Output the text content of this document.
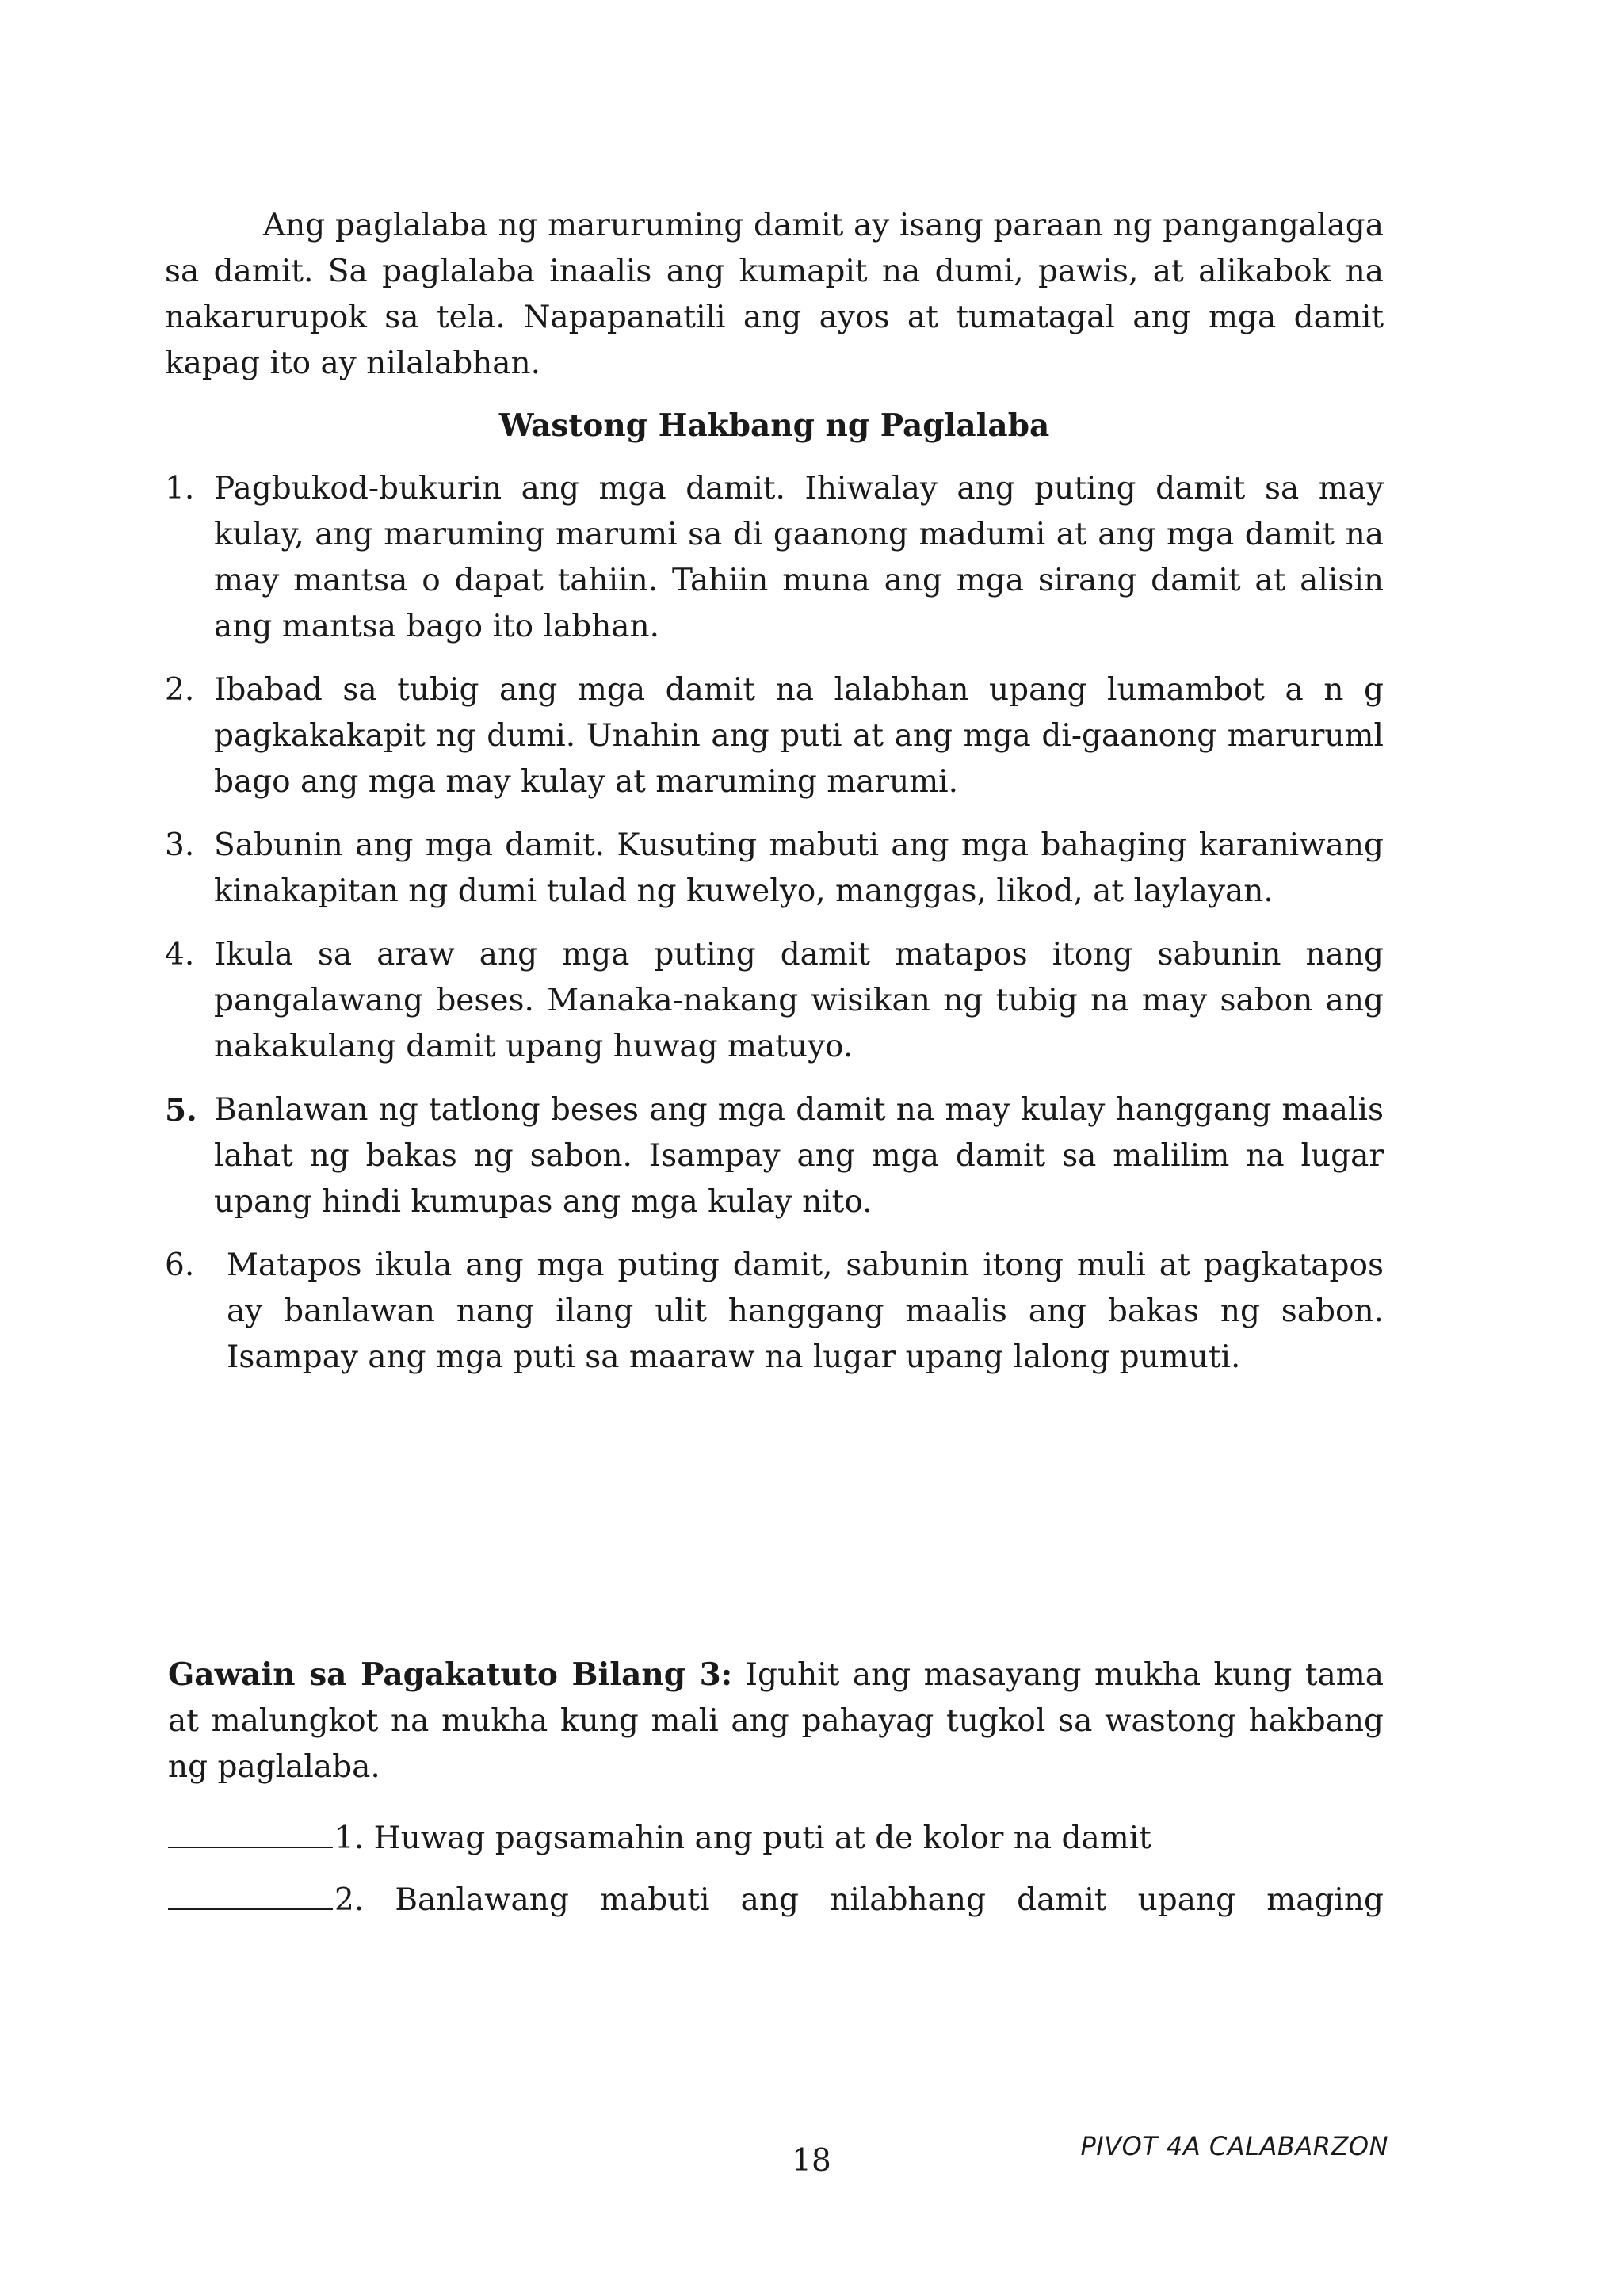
Ang paglalaba ng maruruming damit ay isang paraan ng pangangalaga sa damit. Sa paglalaba inaalis ang kumapit na dumi, pawis, at alikabok na nakarurupok sa tela. Napapanatili ang ayos at tumatagal ang mga damit kapag ito ay nilalabhan.

Wastong Hakbang ng Paglalaba
1. Pagbukod-bukurin ang mga damit. Ihiwalay ang puting damit sa may kulay, ang maruming marumi sa di gaanong madumi at ang mga damit na may mantsa o dapat tahiin. Tahiin muna ang mga sirang damit at alisin ang mantsa bago ito labhan.
2. Ibabad sa tubig ang mga damit na lalabhan upang lumambot a n g pagkakakapit ng dumi. Unahin ang puti at ang mga di-gaanong maruruml bago ang mga may kulay at maruming marumi.
3. Sabunin ang mga damit. Kusuting mabuti ang mga bahaging karaniwang kinakapitan ng dumi tulad ng kuwelyo, manggas, likod, at laylayan.
4. Ikula sa araw ang mga puting damit matapos itong sabunin nang pangalawang beses. Manaka-nakang wisikan ng tubig na may sabon ang nakakulang damit upang huwag matuyo.
5. Banlawan ng tatlong beses ang mga damit na may kulay hanggang maalis lahat ng bakas ng sabon. Isampay ang mga damit sa malilim na lugar upang hindi kumupas ang mga kulay nito.
6. Matapos ikula ang mga puting damit, sabunin itong muli at pagkatapos ay banlawan nang ilang ulit hanggang maalis ang bakas ng sabon. Isampay ang mga puti sa maaraw na lugar upang lalong pumuti.

Gawain sa Pagakatuto Bilang 3: Iguhit ang masayang mukha kung tama at malungkot na mukha kung mali ang pahayag tugkol sa wastong hakbang ng paglalaba.

1. Huwag pagsamahin ang puti at de kolor na damit
2. Banlawang mabuti ang nilabhang damit upang maging
18	PIVOT 4A CALABARZON
